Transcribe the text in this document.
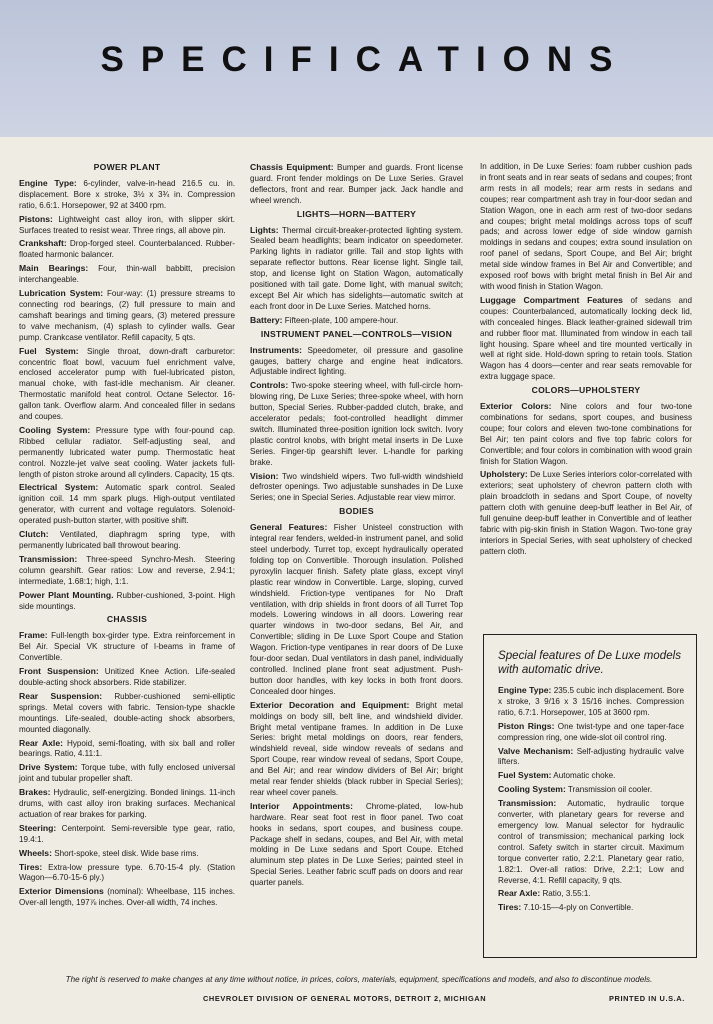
SPECIFICATIONS
POWER PLANT
Engine Type: 6-cylinder, valve-in-head 216.5 cu. in. displacement. Bore x stroke, 3½ x 3¾ in. Compression ratio, 6.6:1. Horsepower, 92 at 3400 rpm.
Pistons: Lightweight cast alloy iron, with slipper skirt. Surfaces treated to resist wear. Three rings, all above pin.
Crankshaft: Drop-forged steel. Counterbalanced. Rubber-floated harmonic balancer.
Main Bearings: Four, thin-wall babbitt, precision interchangeable.
Lubrication System: Four-way: (1) pressure streams to connecting rod bearings, (2) full pressure to main and camshaft bearings and timing gears, (3) metered pressure to valve mechanism, (4) splash to cylinder walls. Gear pump. Crankcase ventilator. Refill capacity, 5 qts.
Fuel System: Single throat, down-draft carburetor: concentric float bowl, vacuum fuel enrichment valve, enclosed accelerator pump with fuel-lubricated piston, manual choke, with fast-idle mechanism. Air cleaner. Thermostatic manifold heat control. Octane Selector. 16-gallon tank. Overflow alarm. And concealed filler in sedans and coupes.
Cooling System: Pressure type with four-pound cap. Ribbed cellular radiator. Self-adjusting seal, and permanently lubricated water pump. Thermostatic heat control. Nozzle-jet valve seat cooling. Water jackets full-length of piston stroke around all cylinders. Capacity, 15 qts.
Electrical System: Automatic spark control. Sealed ignition coil. 14 mm spark plugs. High-output ventilated generator, with current and voltage regulators. Solenoid-operated push-button starter, with positive shift.
Clutch: Ventilated, diaphragm spring type, with permanently lubricated ball throwout bearing.
Transmission: Three-speed Synchro-Mesh. Steering column gearshift. Gear ratios: Low and reverse, 2.94:1; intermediate, 1.68:1; high, 1:1.
Power Plant Mounting. Rubber-cushioned, 3-point. High side mountings.
CHASSIS
Frame: Full-length box-girder type. Extra reinforcement in Bel Air. Special VK structure of I-beams in frame of Convertible.
Front Suspension: Unitized Knee Action. Life-sealed double-acting shock absorbers. Ride stabilizer.
Rear Suspension: Rubber-cushioned semi-elliptic springs. Metal covers with fabric. Tension-type shackle mountings. Life-sealed, double-acting shock absorbers, mounted diagonally.
Rear Axle: Hypoid, semi-floating, with six ball and roller bearings. Ratio, 4.11:1.
Drive System: Torque tube, with fully enclosed universal joint and tubular propeller shaft.
Brakes: Hydraulic, self-energizing. Bonded linings. 11-inch drums, with cast alloy iron braking surfaces. Mechanical actuation of rear brakes for parking.
Steering: Centerpoint. Semi-reversible type gear, ratio, 19.4:1.
Wheels: Short-spoke, steel disk. Wide base rims.
Tires: Extra-low pressure type. 6.70-15-4 ply. (Station Wagon—6.70-15-6 ply.)
Exterior Dimensions (nominal): Wheelbase, 115 inches. Over-all length, 197⅞ inches. Over-all width, 74 inches.
Chassis Equipment: Bumper and guards. Front license guard. Front fender moldings on De Luxe Series. Gravel deflectors, front and rear. Bumper jack. Jack handle and wheel wrench.
LIGHTS—HORN—BATTERY
Lights: Thermal circuit-breaker-protected lighting system. Sealed beam headlights; beam indicator on speedometer. Parking lights in radiator grille. Tail and stop lights with separate reflector buttons. Rear license light. Single tail, stop, and license light on Station Wagon, automatically positioned with tail gate. Dome light, with manual switch; except Bel Air which has sidelights—automatic switch at each front door in De Luxe Series. Matched horns.
Battery: Fifteen-plate, 100 ampere-hour.
INSTRUMENT PANEL—CONTROLS—VISION
Instruments: Speedometer, oil pressure and gasoline gauges, battery charge and engine heat indicators. Adjustable indirect lighting.
Controls: Two-spoke steering wheel, with full-circle horn-blowing ring, De Luxe Series; three-spoke wheel, with horn button, Special Series. Rubber-padded clutch, brake, and accelerator pedals; foot-controlled headlight dimmer switch. Illuminated three-position ignition lock switch. Ivory plastic control knobs, with bright metal inserts in De Luxe Series. Finger-tip gearshift lever. L-handle for parking brake.
Vision: Two windshield wipers. Two full-width windshield defroster openings. Two adjustable sunshades in De Luxe Series; one in Special Series. Adjustable rear view mirror.
BODIES
General Features: Fisher Unisteel construction with integral rear fenders, welded-in instrument panel, and solid steel underbody. Turret top, except hydraulically operated folding top on Convertible. Thorough insulation. Polished pyroxylin lacquer finish. Safety plate glass, except vinyl plastic rear window in Convertible. Large, sloping, curved windshield. Friction-type ventipanes for No Draft ventilation, with drip shields in front doors of all Turret Top models. Lowering windows in all doors. Lowering rear quarter windows in two-door sedans, Bel Air, and Convertible; sliding in De Luxe Sport Coupe and Station Wagon. Friction-type ventipanes in rear doors of De Luxe four-door sedan. Dual ventilators in dash panel, individually controlled. Inclined plane front seat adjustment. Push-button door handles, with key locks in both front doors. Concealed door hinges.
Exterior Decoration and Equipment: Bright metal moldings on body sill, belt line, and windshield divider. Bright metal ventipane frames. In addition in De Luxe Series: bright metal moldings on doors, rear fenders, windshield reveal, side window reveals of sedans and Sport Coupe, rear window reveal of sedans, Sport Coupe, and Bel Air; and rear window dividers of Bel Air; bright metal rear fender shields (black rubber in Special Series); rear wheel cover panels.
Interior Appointments: Chrome-plated, low-hub hardware. Rear seat foot rest in floor panel. Two coat hooks in sedans, sport coupes, and business coupe. Package shelf in sedans, coupes, and Bel Air, with metal molding in De Luxe sedans and Sport Coupe. Etched aluminum step plates in De Luxe Series; painted steel in Special Series. Leather fabric scuff pads on doors and rear quarter panels.
In addition, in De Luxe Series: foam rubber cushion pads in front seats and in rear seats of sedans and coupes; front arm rests in all models; rear arm rests in sedans and coupes; rear compartment ash tray in four-door sedan and Station Wagon, one in each arm rest of two-door sedans and coupes; bright metal moldings across tops of scuff pads; and across lower edge of side window garnish moldings in sedans and coupes; extra sound insulation on roof panel of sedans, Sport Coupe, and Bel Air; bright metal side window frames in Bel Air and Convertible; and exposed roof bows with bright metal finish in Bel Air and with wood finish in Station Wagon.
Luggage Compartment Features of sedans and coupes: Counterbalanced, automatically locking deck lid, with concealed hinges. Black leather-grained sidewall trim and rubber floor mat. Illuminated from window in each tail light housing. Spare wheel and tire mounted vertically in well at right side. Hold-down spring to retain tools. Station Wagon has 4 doors—center and rear seats removable for extra luggage space.
COLORS—UPHOLSTERY
Exterior Colors: Nine colors and four two-tone combinations for sedans, sport coupes, and business coupe; four colors and eleven two-tone combinations for Bel Air; ten paint colors and five top fabric colors for Convertible; and four colors in combination with wood grain finish for Station Wagon.
Upholstery: De Luxe Series interiors color-correlated with exteriors; seat upholstery of chevron pattern cloth with plain broadcloth in sedans and Sport Coupe, of novelty pattern cloth with genuine deep-buff leather in Bel Air, of full genuine deep-buff leather in Convertible and of leather fabric with pig-skin finish in Station Wagon. Two-tone gray interiors in Special Series, with seat upholstery of checked pattern cloth.
Special features of De Luxe models with automatic drive.
Engine Type: 235.5 cubic inch displacement. Bore x stroke, 3 9/16 x 3 15/16 inches. Compression ratio, 6.7:1. Horsepower, 105 at 3600 rpm.
Piston Rings: One twist-type and one taper-face compression ring, one wide-slot oil control ring.
Valve Mechanism: Self-adjusting hydraulic valve lifters.
Fuel System: Automatic choke.
Cooling System: Transmission oil cooler.
Transmission: Automatic, hydraulic torque converter, with planetary gears for reverse and emergency low. Manual selector for hydraulic control of transmission; mechanical parking lock control. Safety switch in starter circuit. Maximum torque converter ratio, 2.2:1. Planetary gear ratio, 1.82:1. Over-all ratios: Drive, 2.2:1; Low and Reverse, 4:1. Refill capacity, 9 qts.
Rear Axle: Ratio, 3.55:1.
Tires: 7.10-15—4-ply on Convertible.
The right is reserved to make changes at any time without notice, in prices, colors, materials, equipment, specifications and models, and also to discontinue models.
CHEVROLET DIVISION OF GENERAL MOTORS, DETROIT 2, MICHIGAN	PRINTED IN U.S.A.
